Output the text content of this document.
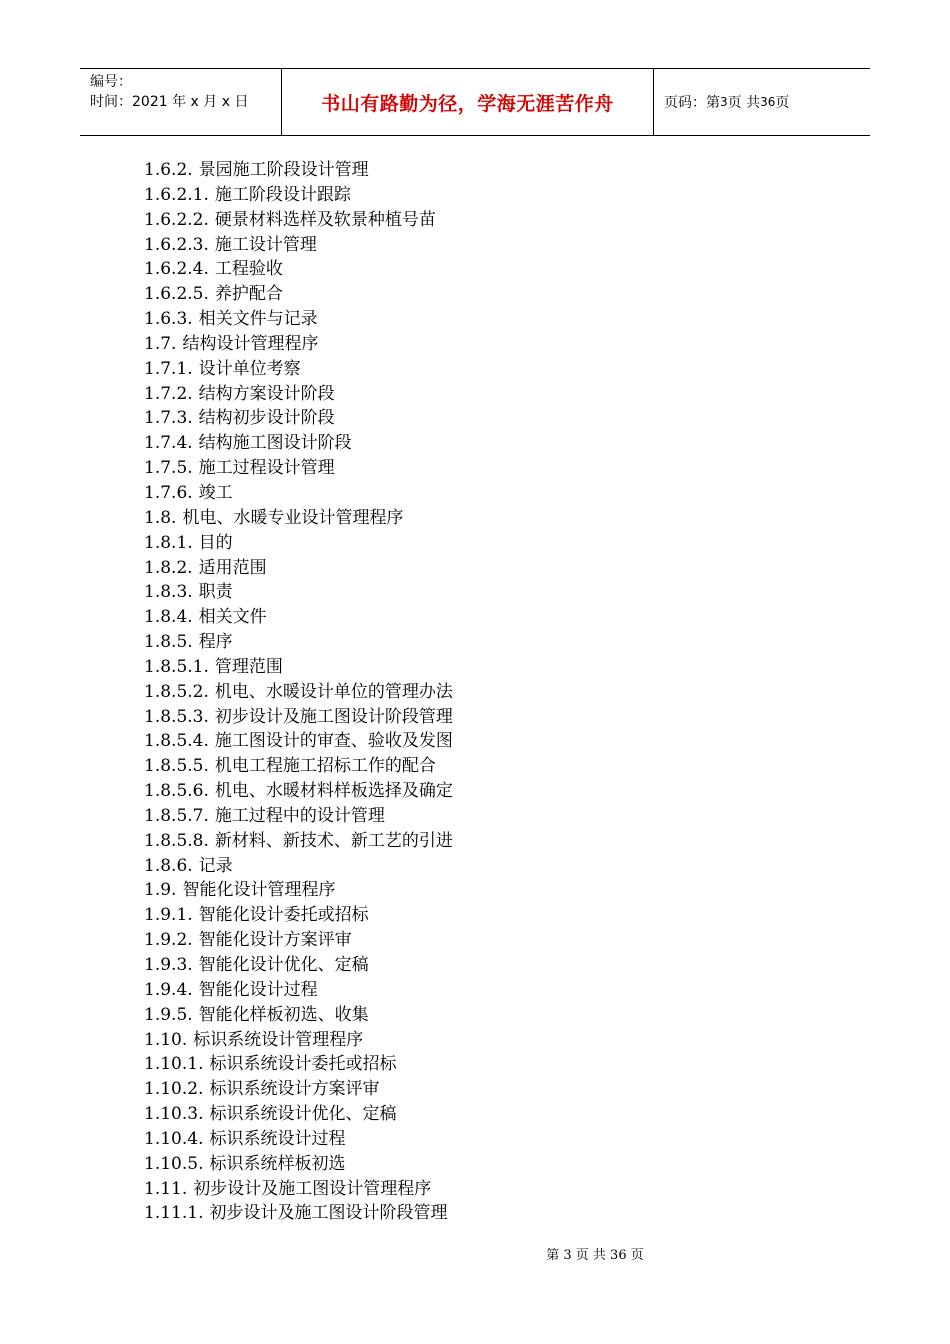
编号：
时间：2021 年 x 月 x 日	书山有路勤为径，学海无涯苦作舟	页码：第 3 页 共 36 页
1.6.2. 景园施工阶段设计管理
1.6.2.1. 施工阶段设计跟踪
1.6.2.2. 硬景材料选样及软景种植号苗
1.6.2.3. 施工设计管理
1.6.2.4. 工程验收
1.6.2.5. 养护配合
1.6.3. 相关文件与记录
1.7. 结构设计管理程序
1.7.1. 设计单位考察
1.7.2. 结构方案设计阶段
1.7.3. 结构初步设计阶段
1.7.4. 结构施工图设计阶段
1.7.5. 施工过程设计管理
1.7.6. 竣工
1.8. 机电、水暖专业设计管理程序
1.8.1. 目的
1.8.2. 适用范围
1.8.3. 职责
1.8.4. 相关文件
1.8.5. 程序
1.8.5.1. 管理范围
1.8.5.2. 机电、水暖设计单位的管理办法
1.8.5.3. 初步设计及施工图设计阶段管理
1.8.5.4. 施工图设计的审查、验收及发图
1.8.5.5. 机电工程施工招标工作的配合
1.8.5.6. 机电、水暖材料样板选择及确定
1.8.5.7. 施工过程中的设计管理
1.8.5.8. 新材料、新技术、新工艺的引进
1.8.6. 记录
1.9. 智能化设计管理程序
1.9.1. 智能化设计委托或招标
1.9.2. 智能化设计方案评审
1.9.3. 智能化设计优化、定稿
1.9.4. 智能化设计过程
1.9.5. 智能化样板初选、收集
1.10. 标识系统设计管理程序
1.10.1. 标识系统设计委托或招标
1.10.2. 标识系统设计方案评审
1.10.3. 标识系统设计优化、定稿
1.10.4. 标识系统设计过程
1.10.5. 标识系统样板初选
1.11. 初步设计及施工图设计管理程序
1.11.1. 初步设计及施工图设计阶段管理
第 3 页 共 36 页
